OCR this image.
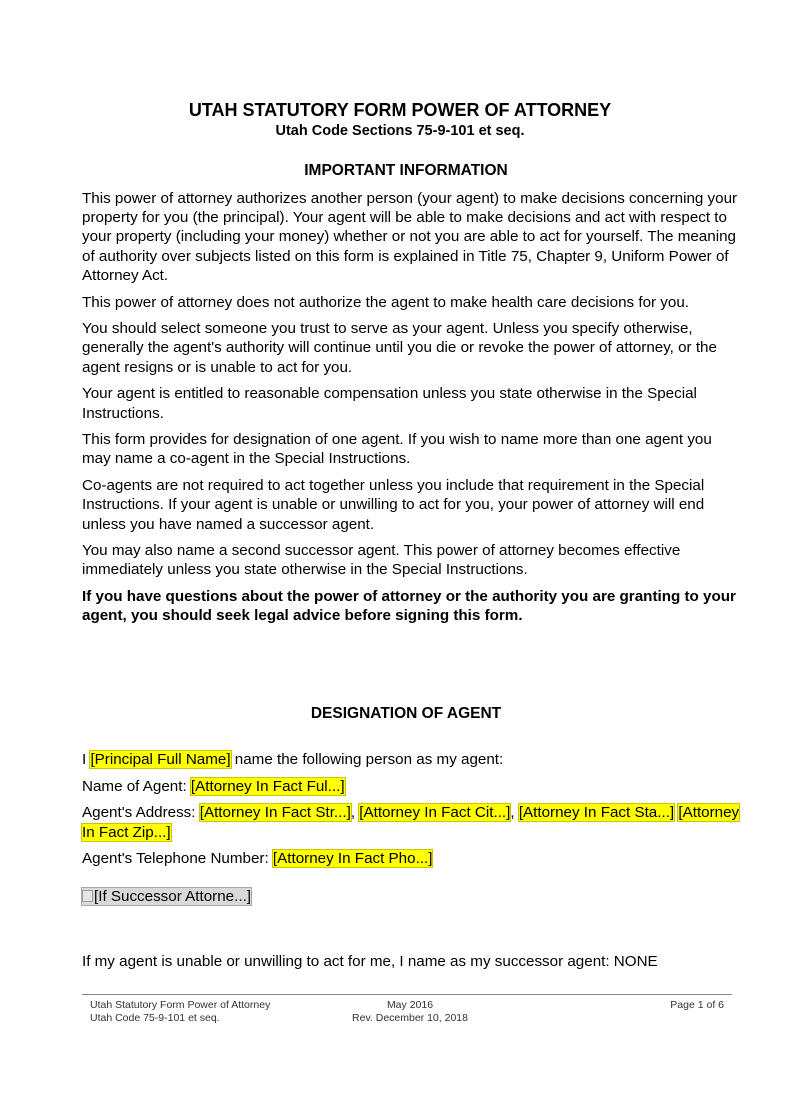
UTAH STATUTORY FORM POWER OF ATTORNEY
Utah Code Sections 75-9-101 et seq.
IMPORTANT INFORMATION

This power of attorney authorizes another person (your agent) to make decisions concerning your property for you (the principal). Your agent will be able to make decisions and act with respect to your property (including your money) whether or not you are able to act for yourself. The meaning of authority over subjects listed on this form is explained in Title 75, Chapter 9, Uniform Power of Attorney Act.

This power of attorney does not authorize the agent to make health care decisions for you.

You should select someone you trust to serve as your agent. Unless you specify otherwise, generally the agent's authority will continue until you die or revoke the power of attorney, or the agent resigns or is unable to act for you.

Your agent is entitled to reasonable compensation unless you state otherwise in the Special Instructions.

This form provides for designation of one agent. If you wish to name more than one agent you may name a co-agent in the Special Instructions.

Co-agents are not required to act together unless you include that requirement in the Special Instructions. If your agent is unable or unwilling to act for you, your power of attorney will end unless you have named a successor agent.

You may also name a second successor agent. This power of attorney becomes effective immediately unless you state otherwise in the Special Instructions.

If you have questions about the power of attorney or the authority you are granting to your agent, you should seek legal advice before signing this form.

DESIGNATION OF AGENT

I [Principal Full Name] name the following person as my agent:

Name of Agent: [Attorney In Fact Ful...]

Agent's Address: [Attorney In Fact Str...], [Attorney In Fact Cit...], [Attorney In Fact Sta...] [Attorney In Fact Zip...]

Agent's Telephone Number: [Attorney In Fact Pho...]

[If Successor Attorne...]
If my agent is unable or unwilling to act for me, I name as my successor agent: NONE
Utah Statutory Form Power of Attorney
Utah Code 75-9-101 et seq.
May 2016
Rev. December 10, 2018
Page 1 of 6
